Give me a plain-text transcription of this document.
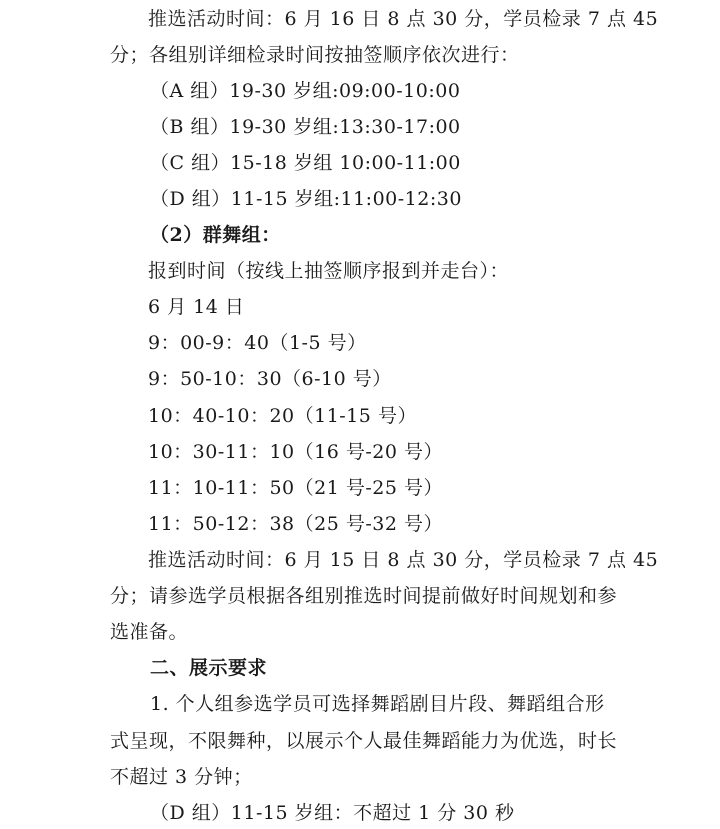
推选活动时间：6 月 16 日 8 点 30 分，学员检录 7 点 45
分；各组别详细检录时间按抽签顺序依次进行：
（A 组）19-30 岁组:09:00-10:00
（B 组）19-30 岁组:13:30-17:00
（C 组）15-18 岁组 10:00-11:00
（D 组）11-15 岁组:11:00-12:30
（2）群舞组：
报到时间（按线上抽签顺序报到并走台）：
6 月 14 日
9：00-9：40（1-5 号）
9：50-10：30（6-10 号）
10：40-10：20（11-15 号）
10：30-11：10（16 号-20 号）
11：10-11：50（21 号-25 号）
11：50-12：38（25 号-32 号）
推选活动时间：6 月 15 日 8 点 30 分，学员检录 7 点 45
分；请参选学员根据各组别推选时间提前做好时间规划和参
选准备。
二、展示要求
1. 个人组参选学员可选择舞蹈剧目片段、舞蹈组合形
式呈现，不限舞种，以展示个人最佳舞蹈能力为优选，时长
不超过 3 分钟；
（D 组）11-15 岁组：不超过 1 分 30 秒
